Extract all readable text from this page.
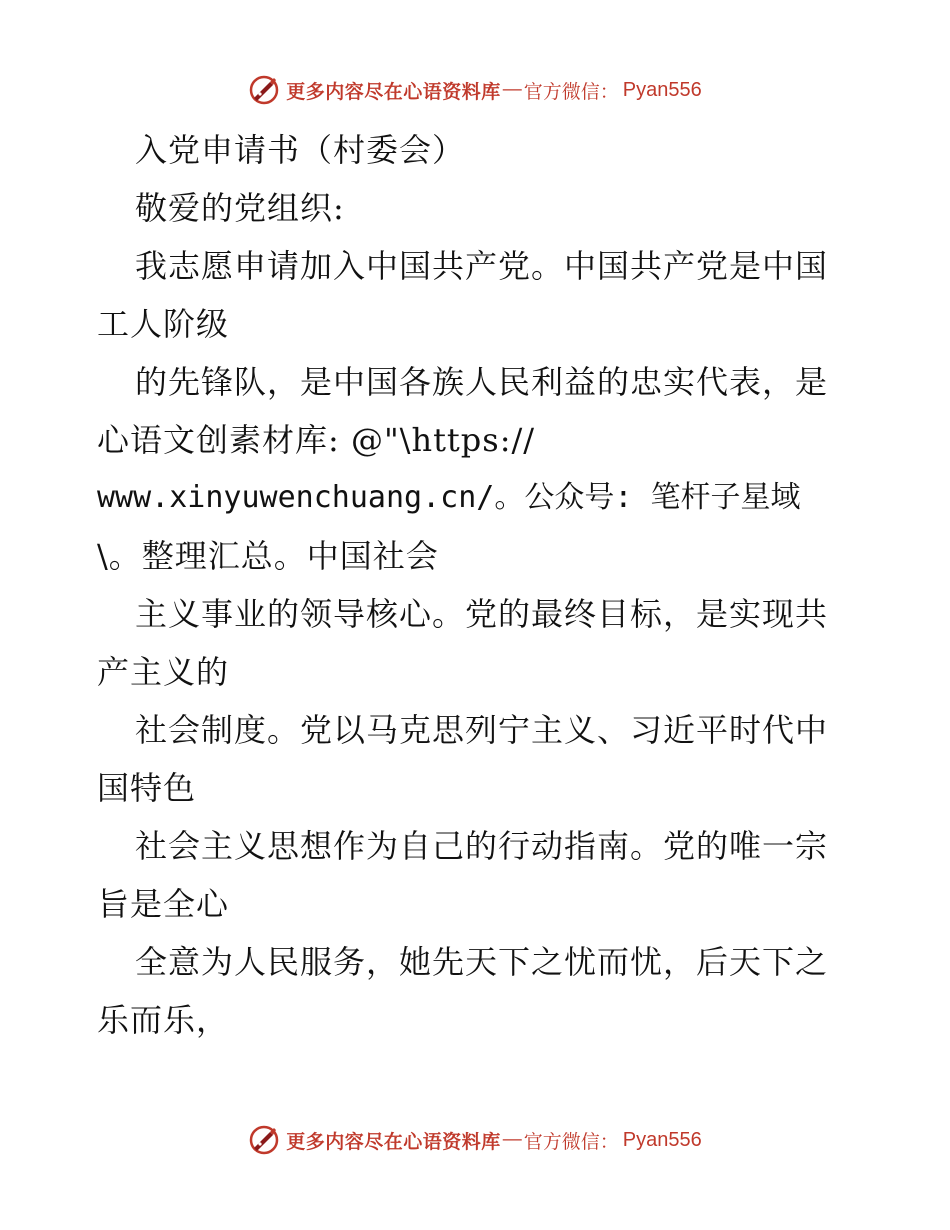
更多内容尽在心语资料库 — 官方微信： Pyan556
入党申请书（村委会）
敬爱的党组织:
我志愿申请加入中国共产党。中国共产党是中国
工人阶级
的先锋队，是中国各族人民利益的忠实代表，是
心语文创素材库: @"\https://
www.xinyuwenchuang.cn/。公众号: 笔杆子星域
\。整理汇总。中国社会
主义事业的领导核心。党的最终目标，是实现共
产主义的
社会制度。党以马克思列宁主义、习近平时代中
国特色
社会主义思想作为自己的行动指南。党的唯一宗
旨是全心
全意为人民服务，她先天下之忧而忧，后天下之
乐而乐，
更多内容尽在心语资料库 — 官方微信： Pyan556
